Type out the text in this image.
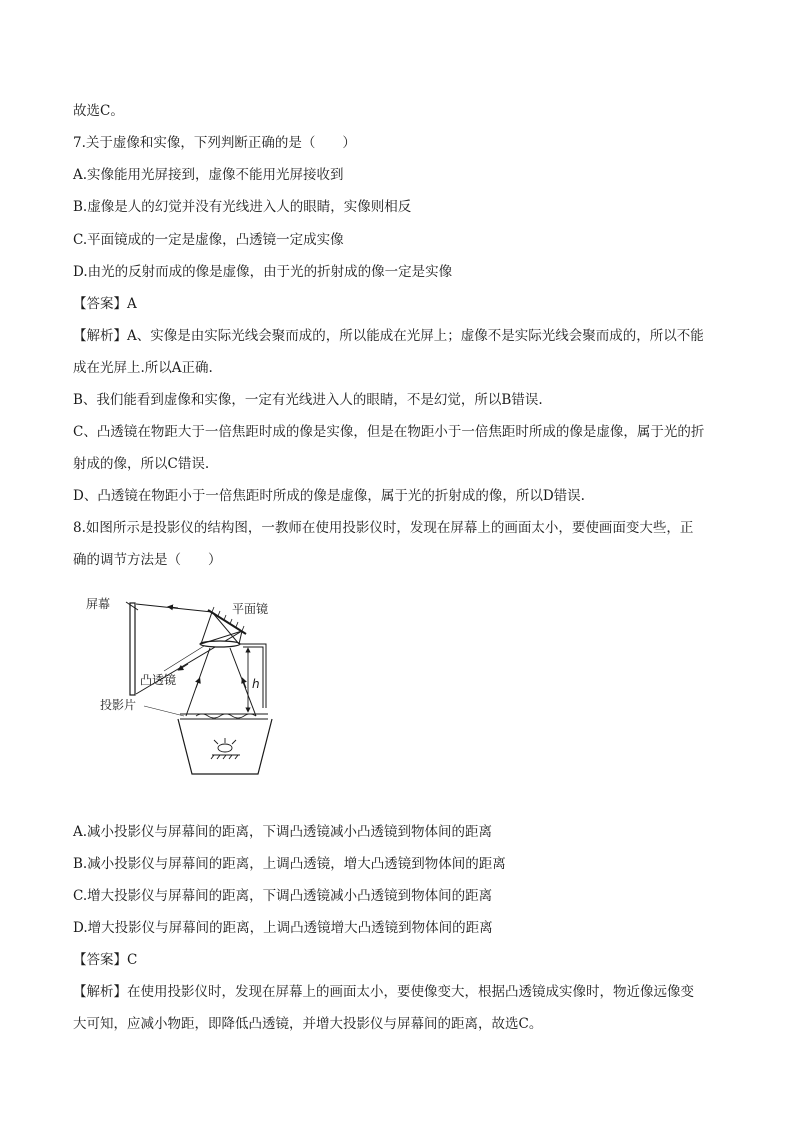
故选C。
7.关于虚像和实像，下列判断正确的是（　　）
A.实像能用光屏接到，虚像不能用光屏接收到
B.虚像是人的幻觉并没有光线进入人的眼睛，实像则相反
C.平面镜成的一定是虚像，凸透镜一定成实像
D.由光的反射而成的像是虚像，由于光的折射成的像一定是实像
【答案】A
【解析】A、实像是由实际光线会聚而成的，所以能成在光屏上；虚像不是实际光线会聚而成的，所以不能
成在光屏上.所以A正确.
B、我们能看到虚像和实像，一定有光线进入人的眼睛，不是幻觉，所以B错误.
C、凸透镜在物距大于一倍焦距时成的像是实像，但是在物距小于一倍焦距时所成的像是虚像，属于光的折
射成的像，所以C错误.
D、凸透镜在物距小于一倍焦距时所成的像是虚像，属于光的折射成的像，所以D错误.
8.如图所示是投影仪的结构图，一教师在使用投影仪时，发现在屏幕上的画面太小，要使画面变大些，正
确的调节方法是（　　）
屏幕	平面镜
凸透镜
投影片
h
A.减小投影仪与屏幕间的距离，下调凸透镜减小凸透镜到物体间的距离
B.减小投影仪与屏幕间的距离，上调凸透镜，增大凸透镜到物体间的距离
C.增大投影仪与屏幕间的距离，下调凸透镜减小凸透镜到物体间的距离
D.增大投影仪与屏幕间的距离，上调凸透镜增大凸透镜到物体间的距离
【答案】C
【解析】在使用投影仪时，发现在屏幕上的画面太小，要使像变大，根据凸透镜成实像时，物近像远像变
大可知，应减小物距，即降低凸透镜，并增大投影仪与屏幕间的距离，故选C。
